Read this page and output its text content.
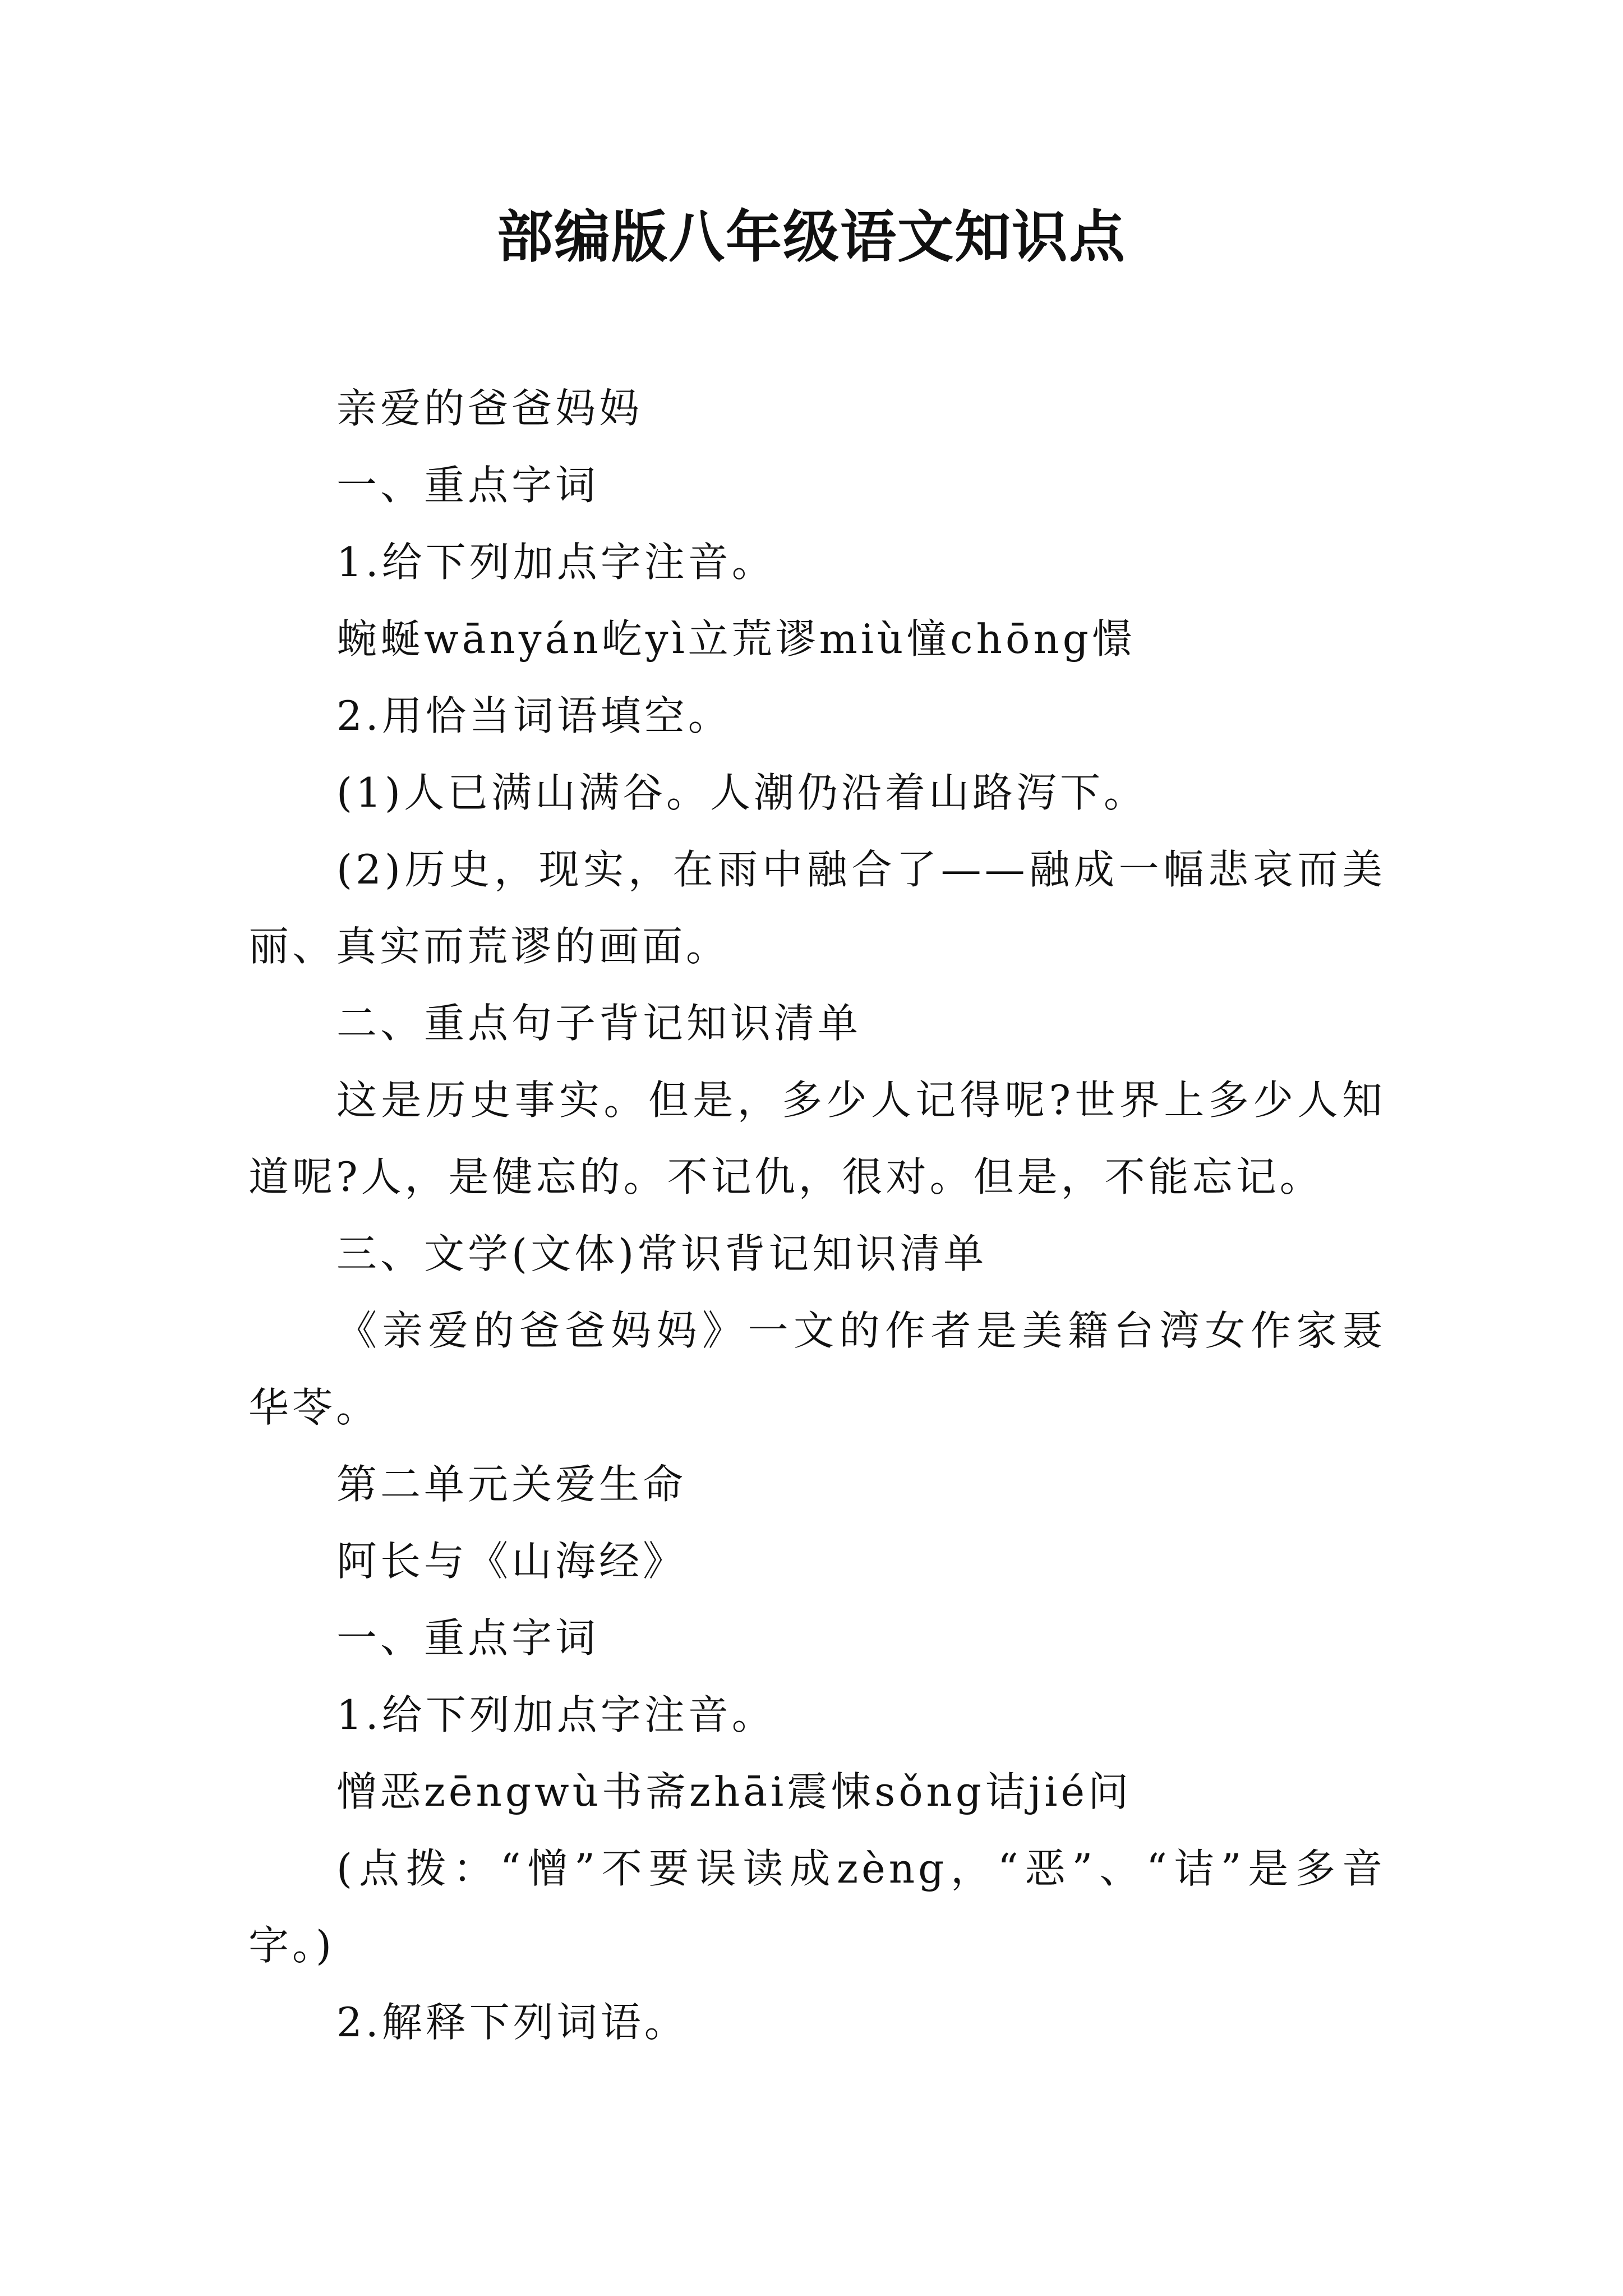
部编版八年级语文知识点

亲爱的爸爸妈妈

一、重点字词

1.给下列加点字注音。

蜿蜒wānyán屹yì立荒谬miù憧chōng憬

2.用恰当词语填空。

(1)人已满山满谷。人潮仍沿着山路泻下。

(2)历史，现实，在雨中融合了——融成一幅悲哀而美丽、真实而荒谬的画面。

二、重点句子背记知识清单

这是历史事实。但是，多少人记得呢?世界上多少人知道呢?人，是健忘的。不记仇，很对。但是，不能忘记。

三、文学(文体)常识背记知识清单

《亲爱的爸爸妈妈》一文的作者是美籍台湾女作家聂华苓。

第二单元关爱生命

阿长与《山海经》

一、重点字词

1.给下列加点字注音。

憎恶zēngwù书斋zhāi震悚sǒng诘jié问

(点拨：“憎”不要误读成zèng，“恶”、“诘”是多音字。)

2.解释下列词语。
